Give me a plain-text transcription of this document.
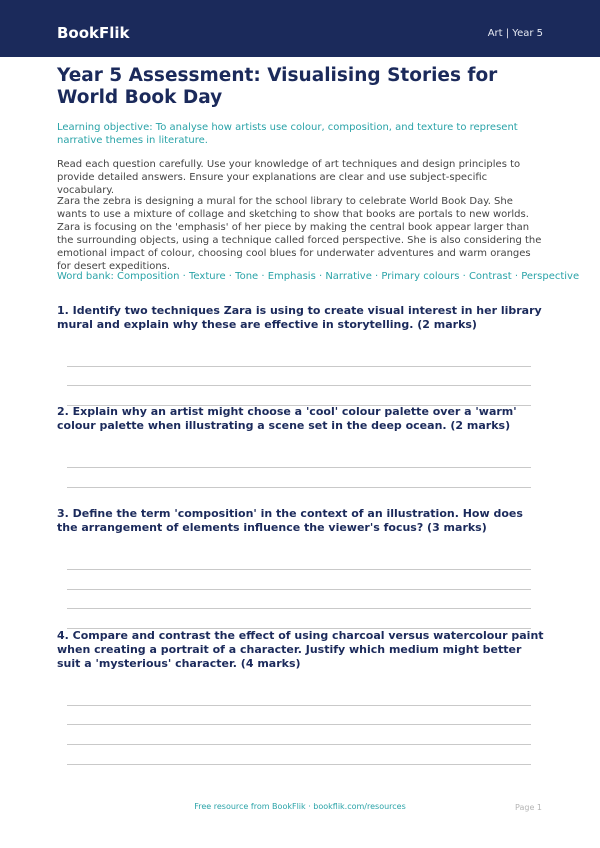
BookFlik	Art | Year 5
Year 5 Assessment: Visualising Stories for World Book Day
Learning objective: To analyse how artists use colour, composition, and texture to represent narrative themes in literature.
Read each question carefully. Use your knowledge of art techniques and design principles to provide detailed answers. Ensure your explanations are clear and use subject-specific vocabulary.
Zara the zebra is designing a mural for the school library to celebrate World Book Day. She wants to use a mixture of collage and sketching to show that books are portals to new worlds. Zara is focusing on the 'emphasis' of her piece by making the central book appear larger than the surrounding objects, using a technique called forced perspective. She is also considering the emotional impact of colour, choosing cool blues for underwater adventures and warm oranges for desert expeditions.
Word bank: Composition · Texture · Tone · Emphasis · Narrative · Primary colours · Contrast · Perspective
1. Identify two techniques Zara is using to create visual interest in her library mural and explain why these are effective in storytelling. (2 marks)
2. Explain why an artist might choose a 'cool' colour palette over a 'warm' colour palette when illustrating a scene set in the deep ocean. (2 marks)
3. Define the term 'composition' in the context of an illustration. How does the arrangement of elements influence the viewer's focus? (3 marks)
4. Compare and contrast the effect of using charcoal versus watercolour paint when creating a portrait of a character. Justify which medium might better suit a 'mysterious' character. (4 marks)
Free resource from BookFlik · bookflik.com/resources	Page 1
